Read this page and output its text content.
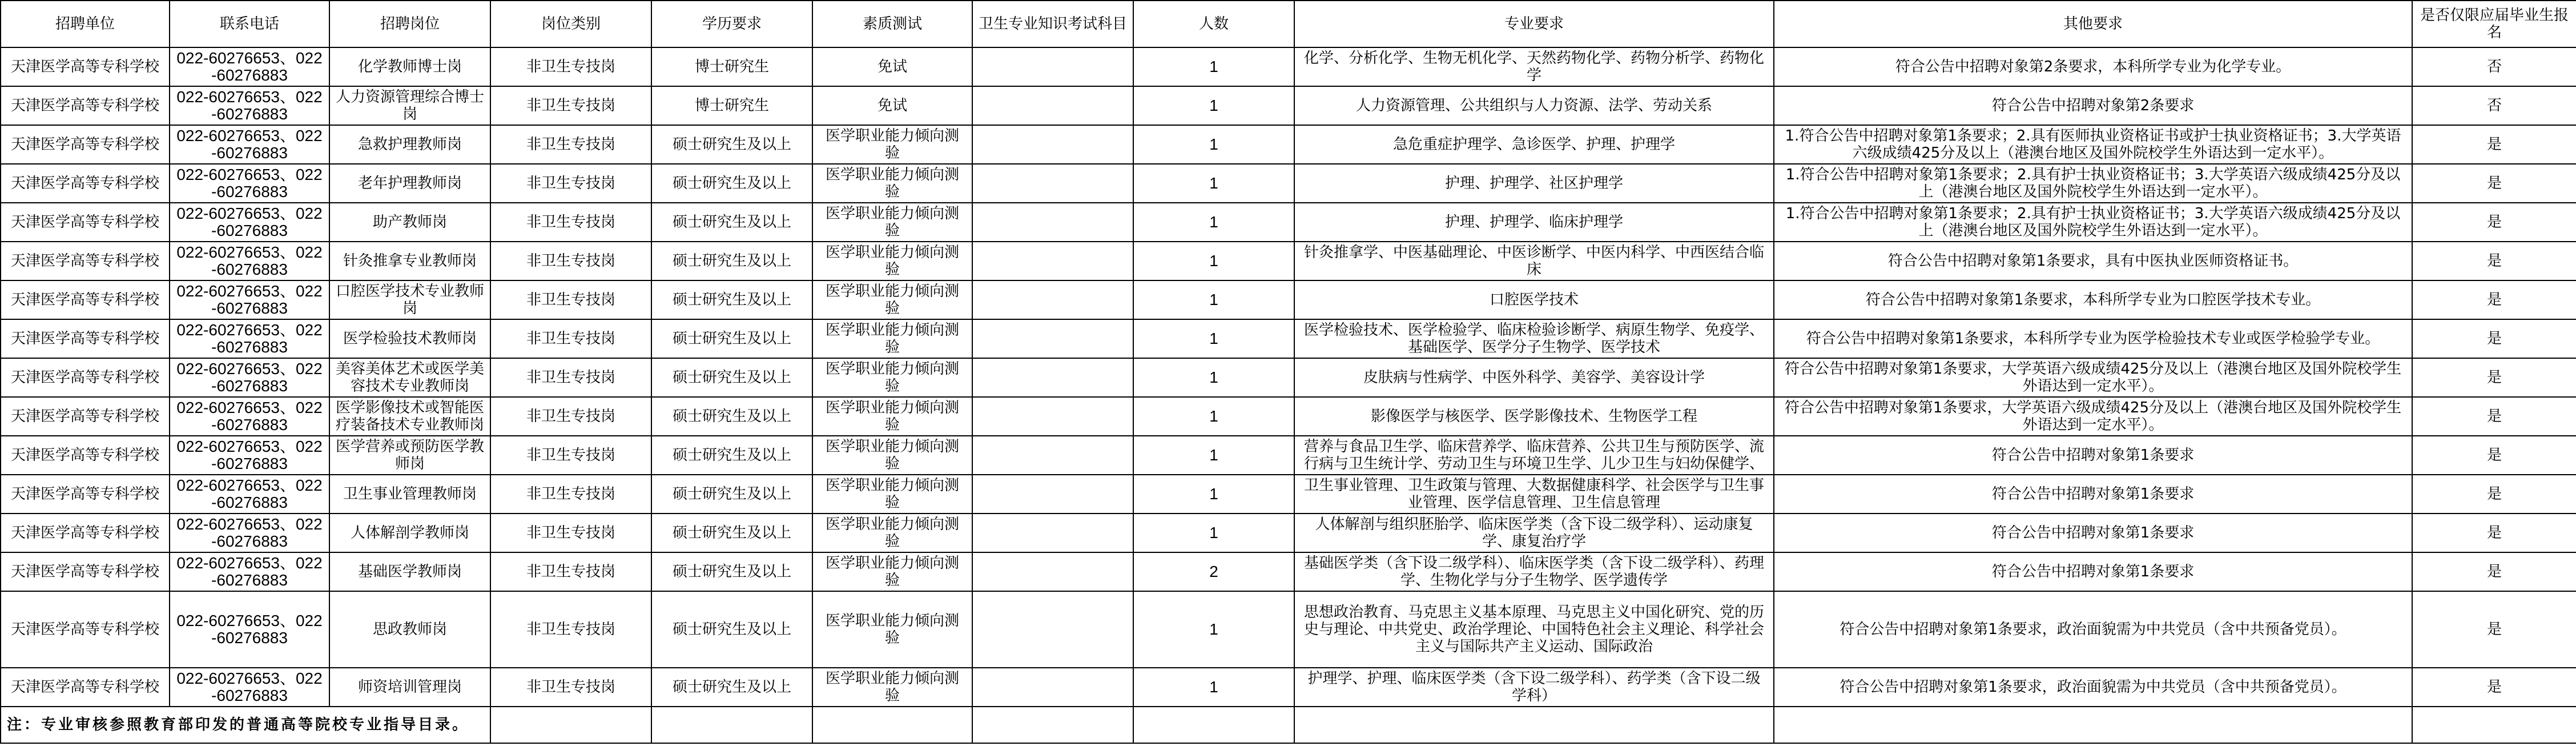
招聘单位	联系电话	招聘岗位	岗位类别	学历要求	素质测试	卫生专业知识考试科目	人数	专业要求	其他要求	是否仅限应届毕业生报名
天津医学高等专科学校	022-60276653、022-60276883	化学教师博士岗	非卫生专技岗	博士研究生	免试		1	化学、分析化学、生物无机化学、天然药物化学、药物分析学、药物化学	符合公告中招聘对象第2条要求，本科所学专业为化学专业。	否
天津医学高等专科学校	022-60276653、022-60276883	人力资源管理综合博士岗	非卫生专技岗	博士研究生	免试		1	人力资源管理、公共组织与人力资源、法学、劳动关系	符合公告中招聘对象第2条要求	否
天津医学高等专科学校	022-60276653、022-60276883	急救护理教师岗	非卫生专技岗	硕士研究生及以上	医学职业能力倾向测验		1	急危重症护理学、急诊医学、护理、护理学	1.符合公告中招聘对象第1条要求；2.具有医师执业资格证书或护士执业资格证书；3.大学英语六级成绩425分及以上（港澳台地区及国外院校学生外语达到一定水平）。	是
天津医学高等专科学校	022-60276653、022-60276883	老年护理教师岗	非卫生专技岗	硕士研究生及以上	医学职业能力倾向测验		1	护理、护理学、社区护理学	1.符合公告中招聘对象第1条要求；2.具有护士执业资格证书；3.大学英语六级成绩425分及以上（港澳台地区及国外院校学生外语达到一定水平）。	是
天津医学高等专科学校	022-60276653、022-60276883	助产教师岗	非卫生专技岗	硕士研究生及以上	医学职业能力倾向测验		1	护理、护理学、临床护理学	1.符合公告中招聘对象第1条要求；2.具有护士执业资格证书；3.大学英语六级成绩425分及以上（港澳台地区及国外院校学生外语达到一定水平）。	是
天津医学高等专科学校	022-60276653、022-60276883	针灸推拿专业教师岗	非卫生专技岗	硕士研究生及以上	医学职业能力倾向测验		1	针灸推拿学、中医基础理论、中医诊断学、中医内科学、中西医结合临床	符合公告中招聘对象第1条要求，具有中医执业医师资格证书。	是
天津医学高等专科学校	022-60276653、022-60276883	口腔医学技术专业教师岗	非卫生专技岗	硕士研究生及以上	医学职业能力倾向测验		1	口腔医学技术	符合公告中招聘对象第1条要求，本科所学专业为口腔医学技术专业。	是
天津医学高等专科学校	022-60276653、022-60276883	医学检验技术教师岗	非卫生专技岗	硕士研究生及以上	医学职业能力倾向测验		1	医学检验技术、医学检验学、临床检验诊断学、病原生物学、免疫学、基础医学、医学分子生物学、医学技术	符合公告中招聘对象第1条要求，本科所学专业为医学检验技术专业或医学检验学专业。	是
天津医学高等专科学校	022-60276653、022-60276883	美容美体艺术或医学美容技术专业教师岗	非卫生专技岗	硕士研究生及以上	医学职业能力倾向测验		1	皮肤病与性病学、中医外科学、美容学、美容设计学	符合公告中招聘对象第1条要求，大学英语六级成绩425分及以上（港澳台地区及国外院校学生外语达到一定水平）。	是
天津医学高等专科学校	022-60276653、022-60276883	医学影像技术或智能医疗装备技术专业教师岗	非卫生专技岗	硕士研究生及以上	医学职业能力倾向测验		1	影像医学与核医学、医学影像技术、生物医学工程	符合公告中招聘对象第1条要求，大学英语六级成绩425分及以上（港澳台地区及国外院校学生外语达到一定水平）。	是
天津医学高等专科学校	022-60276653、022-60276883	医学营养或预防医学教师岗	非卫生专技岗	硕士研究生及以上	医学职业能力倾向测验		1	营养与食品卫生学、临床营养学、临床营养、公共卫生与预防医学、流行病与卫生统计学、劳动卫生与环境卫生学、儿少卫生与妇幼保健学、	符合公告中招聘对象第1条要求	是
天津医学高等专科学校	022-60276653、022-60276883	卫生事业管理教师岗	非卫生专技岗	硕士研究生及以上	医学职业能力倾向测验		1	卫生事业管理、卫生政策与管理、大数据健康科学、社会医学与卫生事业管理、医学信息管理、卫生信息管理	符合公告中招聘对象第1条要求	是
天津医学高等专科学校	022-60276653、022-60276883	人体解剖学教师岗	非卫生专技岗	硕士研究生及以上	医学职业能力倾向测验		1	人体解剖与组织胚胎学、临床医学类（含下设二级学科）、运动康复学、康复治疗学	符合公告中招聘对象第1条要求	是
天津医学高等专科学校	022-60276653、022-60276883	基础医学教师岗	非卫生专技岗	硕士研究生及以上	医学职业能力倾向测验		2	基础医学类（含下设二级学科）、临床医学类（含下设二级学科）、药理学、生物化学与分子生物学、医学遗传学	符合公告中招聘对象第1条要求	是
天津医学高等专科学校	022-60276653、022-60276883	思政教师岗	非卫生专技岗	硕士研究生及以上	医学职业能力倾向测验		1	思想政治教育、马克思主义基本原理、马克思主义中国化研究、党的历史与理论、中共党史、政治学理论、中国特色社会主义理论、科学社会主义与国际共产主义运动、国际政治	符合公告中招聘对象第1条要求，政治面貌需为中共党员（含中共预备党员）。	是
天津医学高等专科学校	022-60276653、022-60276883	师资培训管理岗	非卫生专技岗	硕士研究生及以上	医学职业能力倾向测验		1	护理学、护理、临床医学类（含下设二级学科）、药学类（含下设二级学科）	符合公告中招聘对象第1条要求，政治面貌需为中共党员（含中共预备党员）。	是
注：专业审核参照教育部印发的普通高等院校专业指导目录。										
